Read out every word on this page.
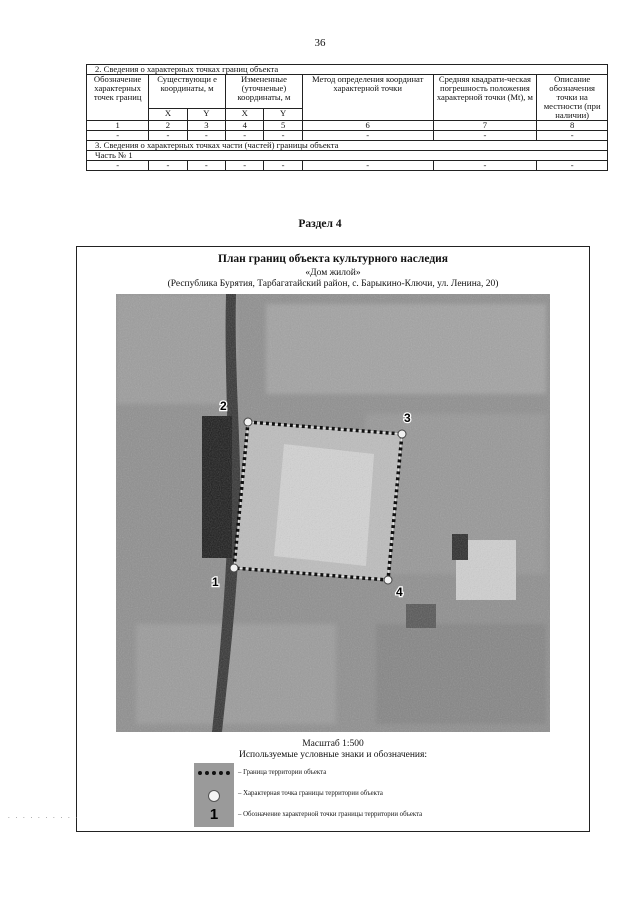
36
2. Сведения о характерных точках границ объекта							
Обозначение характерных точек границ	Существующи е координаты, м		Измененные (уточненые) координаты, м		Метод определения координат характерной точки	Средняя квадрати-ческая погрешность положения характерной точки (Mt), м	Описание обозначения точки на местности (при наличии)
	X	Y	X	Y			
1	2	3	4	5	6	7	8
-	-	-	-	-	-	-	-
3. Сведения о характерных точках части (частей) границы объекта							
Часть № 1							
-	-	-	-	-	-	-	-
Раздел 4
План границ объекта культурного наследия
«Дом жилой»
(Республика Бурятия, Тарбагатайский район, с. Барыкино-Ключи, ул. Ленина, 20)
1
2
3
4
Масштаб 1:500
Используемые условные знаки и обозначения:
– Граница территории объекта
– Характерная точка границы территории объекта
1	– Обозначение характерной точки границы территории объекта
. . . . . . . . . .
